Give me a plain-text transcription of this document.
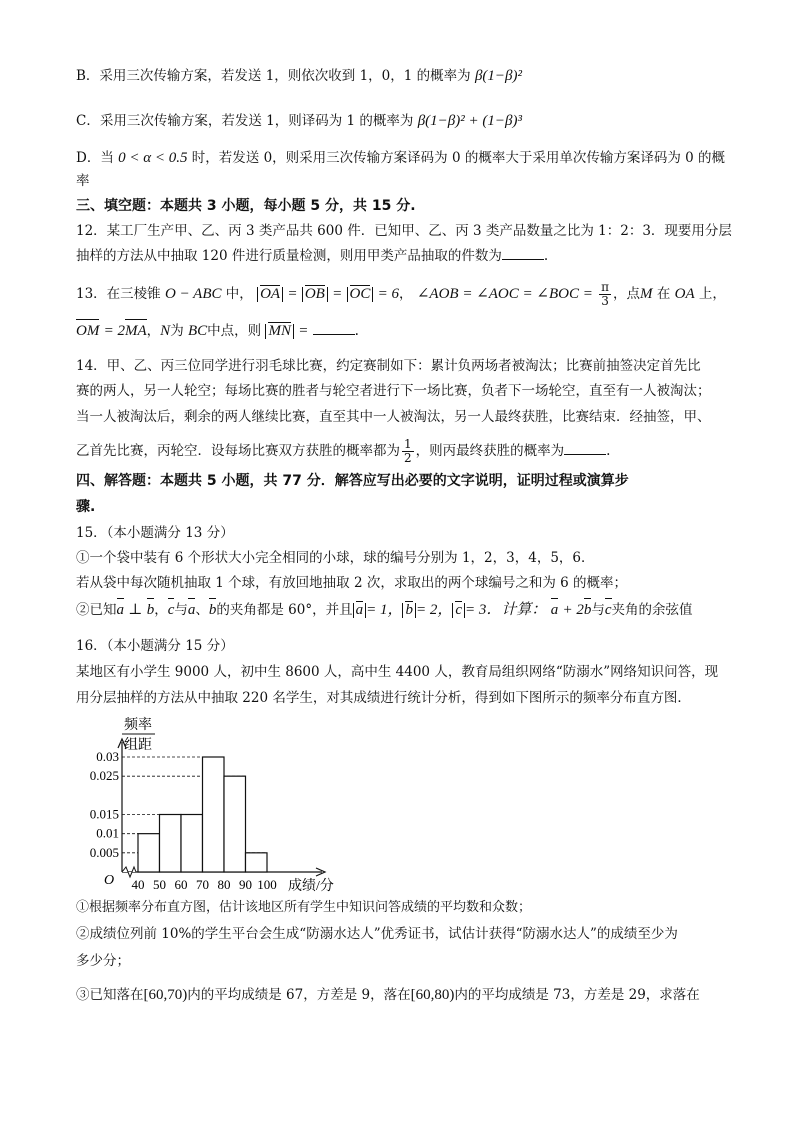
B．采用三次传输方案，若发送 1，则依次收到 1，0，1 的概率为 β(1−β)²
C．采用三次传输方案，若发送 1，则译码为 1 的概率为 β(1−β)² + (1−β)³
D．当 0 < α < 0.5 时，若发送 0，则采用三次传输方案译码为 0 的概率大于采用单次传输方案译码为 0 的概
率
三、填空题：本题共 3 小题，每小题 5 分，共 15 分.
12．某工厂生产甲、乙、丙 3 类产品共 600 件．已知甲、乙、丙 3 类产品数量之比为 1：2：3．现要用分层
抽样的方法从中抽取 120 件进行质量检测，则用甲类产品抽取的件数为	.
13．在三棱锥 O − ABC 中， OA = OB = OC = 6， ∠AOB = ∠AOC = ∠BOC = $\frac{\pi}{3}$ ，点M 在 OA 上，
OM = 2MA，N为 BC中点，则 MN =	.
14．甲、乙、丙三位同学进行羽毛球比赛，约定赛制如下：累计负两场者被淘汰；比赛前抽签决定首先比
赛的两人，另一人轮空；每场比赛的胜者与轮空者进行下一场比赛，负者下一场轮空，直至有一人被淘汰；
当一人被淘汰后，剩余的两人继续比赛，直至其中一人被淘汰，另一人最终获胜，比赛结束．经抽签，甲、
乙首先比赛，丙轮空．设每场比赛双方获胜的概率都为 $\frac{1}{2}$ ，则丙最终获胜的概率为	.
四、解答题：本题共 5 小题，共 77 分．解答应写出必要的文字说明，证明过程或演算步
骤.
15．（本小题满分 13 分）
①一个袋中装有 6 个形状大小完全相同的小球，球的编号分别为 1，2，3，4，5，6．
若从袋中每次随机抽取 1 个球，有放回地抽取 2 次，求取出的两个球编号之和为 6 的概率；
②已知a ⊥ b，c与a、b的夹角都是 60°，并且 a = 1， b = 2， c = 3．计算： a + 2b与c夹角的余弦值
16．（本小题满分 15 分）
某地区有小学生 9000 人，初中生 8600 人，高中生 4400 人，教育局组织网络“防溺水”网络知识问答，现
用分层抽样的方法从中抽取 220 名学生，对其成绩进行统计分析，得到如下图所示的频率分布直方图．
频率
组距
0.005
0.01
0.015
0.025
0.03
40 50 60 70 80 90 100
O	成绩/分
①根据频率分布直方图，估计该地区所有学生中知识问答成绩的平均数和众数；
②成绩位列前 10%的学生平台会生成“防溺水达人”优秀证书，试估计获得“防溺水达人”的成绩至少为
多少分；
③已知落在[60,70)内的平均成绩是 67，方差是 9，落在[60,80)内的平均成绩是 73，方差是 29，求落在
